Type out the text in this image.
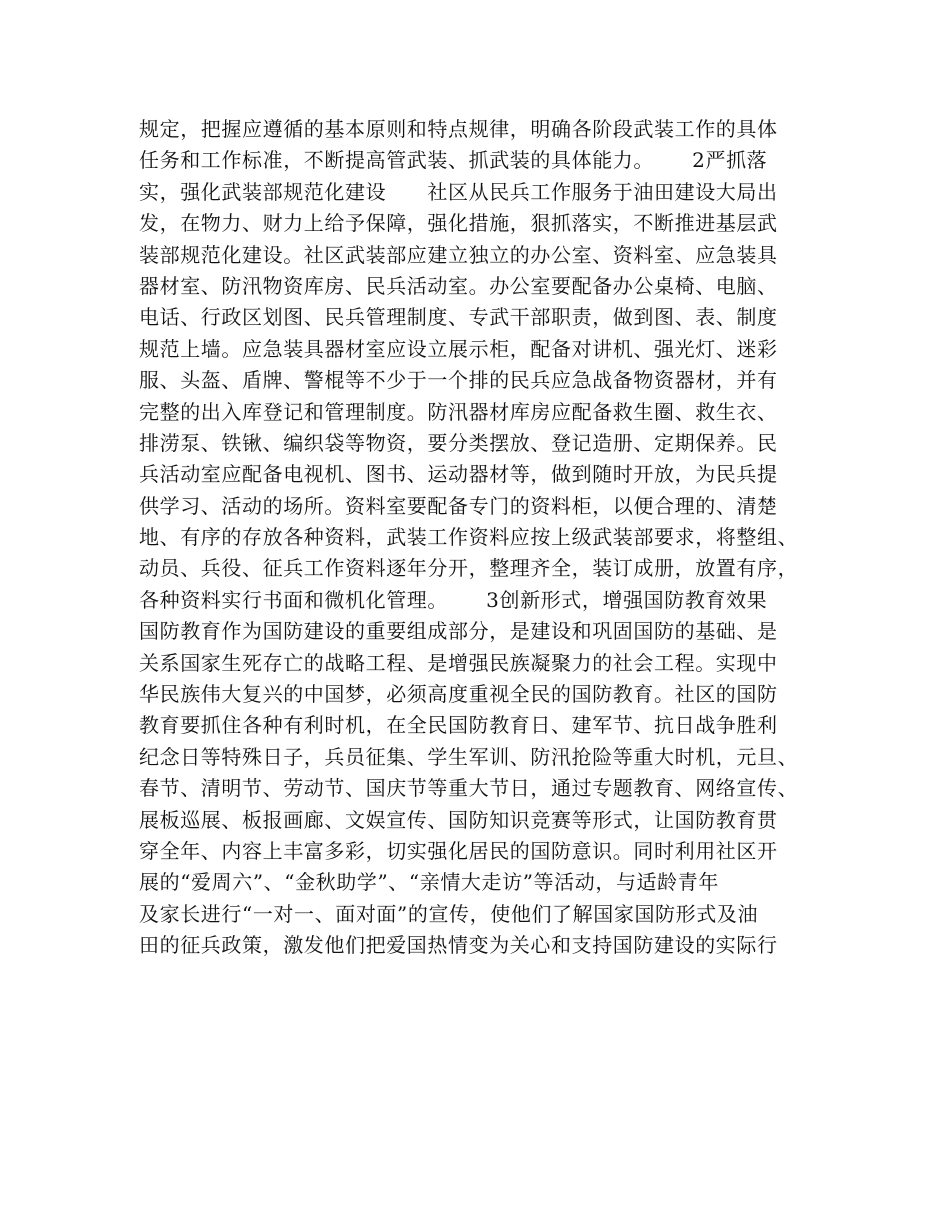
规定，把握应遵循的基本原则和特点规律，明确各阶段武装工作的具体
任务和工作标准，不断提高管武装、抓武装的具体能力。　　 2严抓落
实，强化武装部规范化建设　　社区从民兵工作服务于油田建设大局出
发，在物力、财力上给予保障，强化措施，狠抓落实，不断推进基层武
装部规范化建设。社区武装部应建立独立的办公室、资料室、应急装具
器材室、防汛物资库房、民兵活动室。办公室要配备办公桌椅、电脑、
电话、行政区划图、民兵管理制度、专武干部职责，做到图、表、制度
规范上墙。应急装具器材室应设立展示柜，配备对讲机、强光灯、迷彩
服、头盔、盾牌、警棍等不少于一个排的民兵应急战备物资器材，并有
完整的出入库登记和管理制度。防汛器材库房应配备救生圈、救生衣、
排涝泵、铁锹、编织袋等物资，要分类摆放、登记造册、定期保养。民
兵活动室应配备电视机、图书、运动器材等，做到随时开放，为民兵提
供学习、活动的场所。资料室要配备专门的资料柜，以便合理的、清楚
地、有序的存放各种资料，武装工作资料应按上级武装部要求，将整组、
动员、兵役、征兵工作资料逐年分开，整理齐全，装订成册，放置有序，
各种资料实行书面和微机化管理。　　 3创新形式，增强国防教育效果
国防教育作为国防建设的重要组成部分，是建设和巩固国防的基础、是
关系国家生死存亡的战略工程、是增强民族凝聚力的社会工程。实现中
华民族伟大复兴的中国梦，必须高度重视全民的国防教育。社区的国防
教育要抓住各种有利时机，在全民国防教育日、建军节、抗日战争胜利
纪念日等特殊日子，兵员征集、学生军训、防汛抢险等重大时机，元旦、
春节、清明节、劳动节、国庆节等重大节日，通过专题教育、网络宣传、
展板巡展、板报画廊、文娱宣传、国防知识竞赛等形式，让国防教育贯
穿全年、内容上丰富多彩，切实强化居民的国防意识。同时利用社区开
展的“爱周六”、“金秋助学”、“亲情大走访”等活动，与适龄青年
及家长进行“一对一、面对面”的宣传，使他们了解国家国防形式及油
田的征兵政策，激发他们把爱国热情变为关心和支持国防建设的实际行
